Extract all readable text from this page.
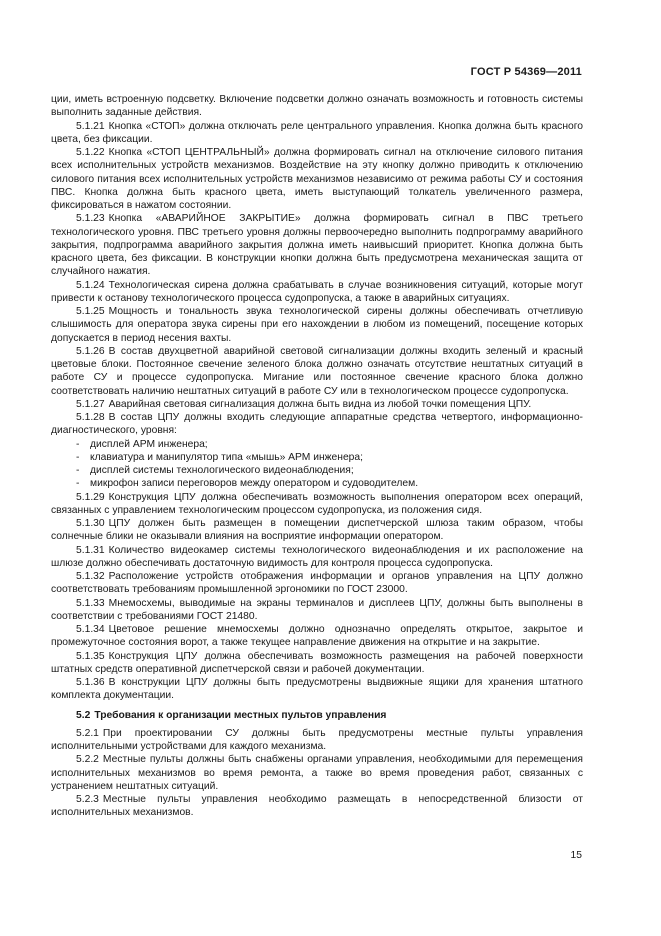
ГОСТ Р 54369—2011

ции, иметь встроенную подсветку. Включение подсветки должно означать возможность и готовность системы выполнить заданные действия.

5.1.21 Кнопка «СТОП» должна отключать реле центрального управления. Кнопка должна быть красного цвета, без фиксации.

5.1.22 Кнопка «СТОП ЦЕНТРАЛЬНЫЙ» должна формировать сигнал на отключение силового питания всех исполнительных устройств механизмов. Воздействие на эту кнопку должно приводить к отключению силового питания всех исполнительных устройств механизмов независимо от режима работы СУ и состояния ПВС. Кнопка должна быть красного цвета, иметь выступающий толкатель увеличенного размера, фиксироваться в нажатом состоянии.

5.1.23 Кнопка «АВАРИЙНОЕ ЗАКРЫТИЕ» должна формировать сигнал в ПВС третьего технологического уровня. ПВС третьего уровня должны первоочередно выполнить подпрограмму аварийного закрытия, подпрограмма аварийного закрытия должна иметь наивысший приоритет. Кнопка должна быть красного цвета, без фиксации. В конструкции кнопки должна быть предусмотрена механическая защита от случайного нажатия.

5.1.24 Технологическая сирена должна срабатывать в случае возникновения ситуаций, которые могут привести к останову технологического процесса судопропуска, а также в аварийных ситуациях.

5.1.25 Мощность и тональность звука технологической сирены должны обеспечивать отчетливую слышимость для оператора звука сирены при его нахождении в любом из помещений, посещение которых допускается в период несения вахты.

5.1.26 В состав двухцветной аварийной световой сигнализации должны входить зеленый и красный цветовые блоки. Постоянное свечение зеленого блока должно означать отсутствие нештатных ситуаций в работе СУ и процессе судопропуска. Мигание или постоянное свечение красного блока должно соответствовать наличию нештатных ситуаций в работе СУ или в технологическом процессе судопропуска.

5.1.27 Аварийная световая сигнализация должна быть видна из любой точки помещения ЦПУ.

5.1.28 В состав ЦПУ должны входить следующие аппаратные средства четвертого, информационно-диагностического, уровня:

- дисплей АРМ инженера;

- клавиатура и манипулятор типа «мышь» АРМ инженера;

- дисплей системы технологического видеонаблюдения;

- микрофон записи переговоров между оператором и судоводителем.

5.1.29 Конструкция ЦПУ должна обеспечивать возможность выполнения оператором всех операций, связанных с управлением технологическим процессом судопропуска, из положения сидя.

5.1.30 ЦПУ должен быть размещен в помещении диспетчерской шлюза таким образом, чтобы солнечные блики не оказывали влияния на восприятие информации оператором.

5.1.31 Количество видеокамер системы технологического видеонаблюдения и их расположение на шлюзе должно обеспечивать достаточную видимость для контроля процесса судопропуска.

5.1.32 Расположение устройств отображения информации и органов управления на ЦПУ должно соответствовать требованиям промышленной эргономики по ГОСТ 23000.

5.1.33 Мнемосхемы, выводимые на экраны терминалов и дисплеев ЦПУ, должны быть выполнены в соответствии с требованиями ГОСТ 21480.

5.1.34 Цветовое решение мнемосхемы должно однозначно определять открытое, закрытое и промежуточное состояния ворот, а также текущее направление движения на открытие и на закрытие.

5.1.35 Конструкция ЦПУ должна обеспечивать возможность размещения на рабочей поверхности штатных средств оперативной диспетчерской связи и рабочей документации.

5.1.36 В конструкции ЦПУ должны быть предусмотрены выдвижные ящики для хранения штатного комплекта документации.

5.2 Требования к организации местных пультов управления

5.2.1 При проектировании СУ должны быть предусмотрены местные пульты управления исполнительными устройствами для каждого механизма.

5.2.2 Местные пульты должны быть снабжены органами управления, необходимыми для перемещения исполнительных механизмов во время ремонта, а также во время проведения работ, связанных с устранением нештатных ситуаций.

5.2.3 Местные пульты управления необходимо размещать в непосредственной близости от исполнительных механизмов.

15
